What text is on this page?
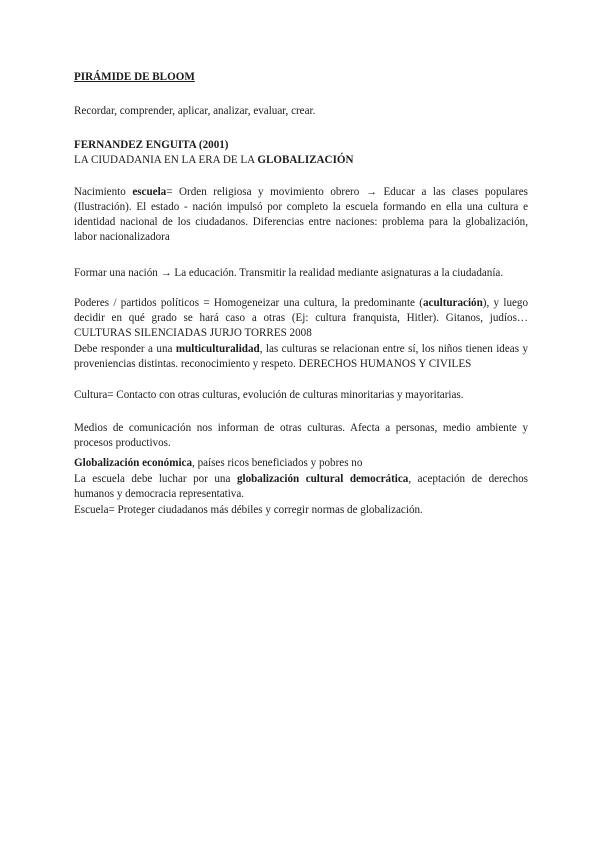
PIRÁMIDE DE BLOOM
Recordar, comprender, aplicar, analizar, evaluar, crear.
FERNANDEZ ENGUITA (2001)
LA CIUDADANIA EN LA ERA DE LA GLOBALIZACIÓN

Nacimiento escuela= Orden religiosa y movimiento obrero → Educar a las clases populares (Ilustración). El estado - nación impulsó por completo la escuela formando en ella una cultura e identidad nacional de los ciudadanos. Diferencias entre naciones: problema para la globalización, labor nacionalizadora

Formar una nación → La educación. Transmitir la realidad mediante asignaturas a la ciudadanía.

Poderes / partidos políticos = Homogeneizar una cultura, la predominante (aculturación), y luego decidir en qué grado se hará caso a otras (Ej: cultura franquista, Hitler). Gitanos, judíos… CULTURAS SILENCIADAS JURJO TORRES 2008

Debe responder a una multiculturalidad, las culturas se relacionan entre sí, los niños tienen ideas y proveniencias distintas. reconocimiento y respeto. DERECHOS HUMANOS Y CIVILES

Cultura= Contacto con otras culturas, evolución de culturas minoritarias y mayoritarias.

Medios de comunicación nos informan de otras culturas. Afecta a personas, medio ambiente y procesos productivos.

Globalización económica, países ricos beneficiados y pobres no

La escuela debe luchar por una globalización cultural democrática, aceptación de derechos humanos y democracia representativa.

Escuela= Proteger ciudadanos más débiles y corregir normas de globalización.
